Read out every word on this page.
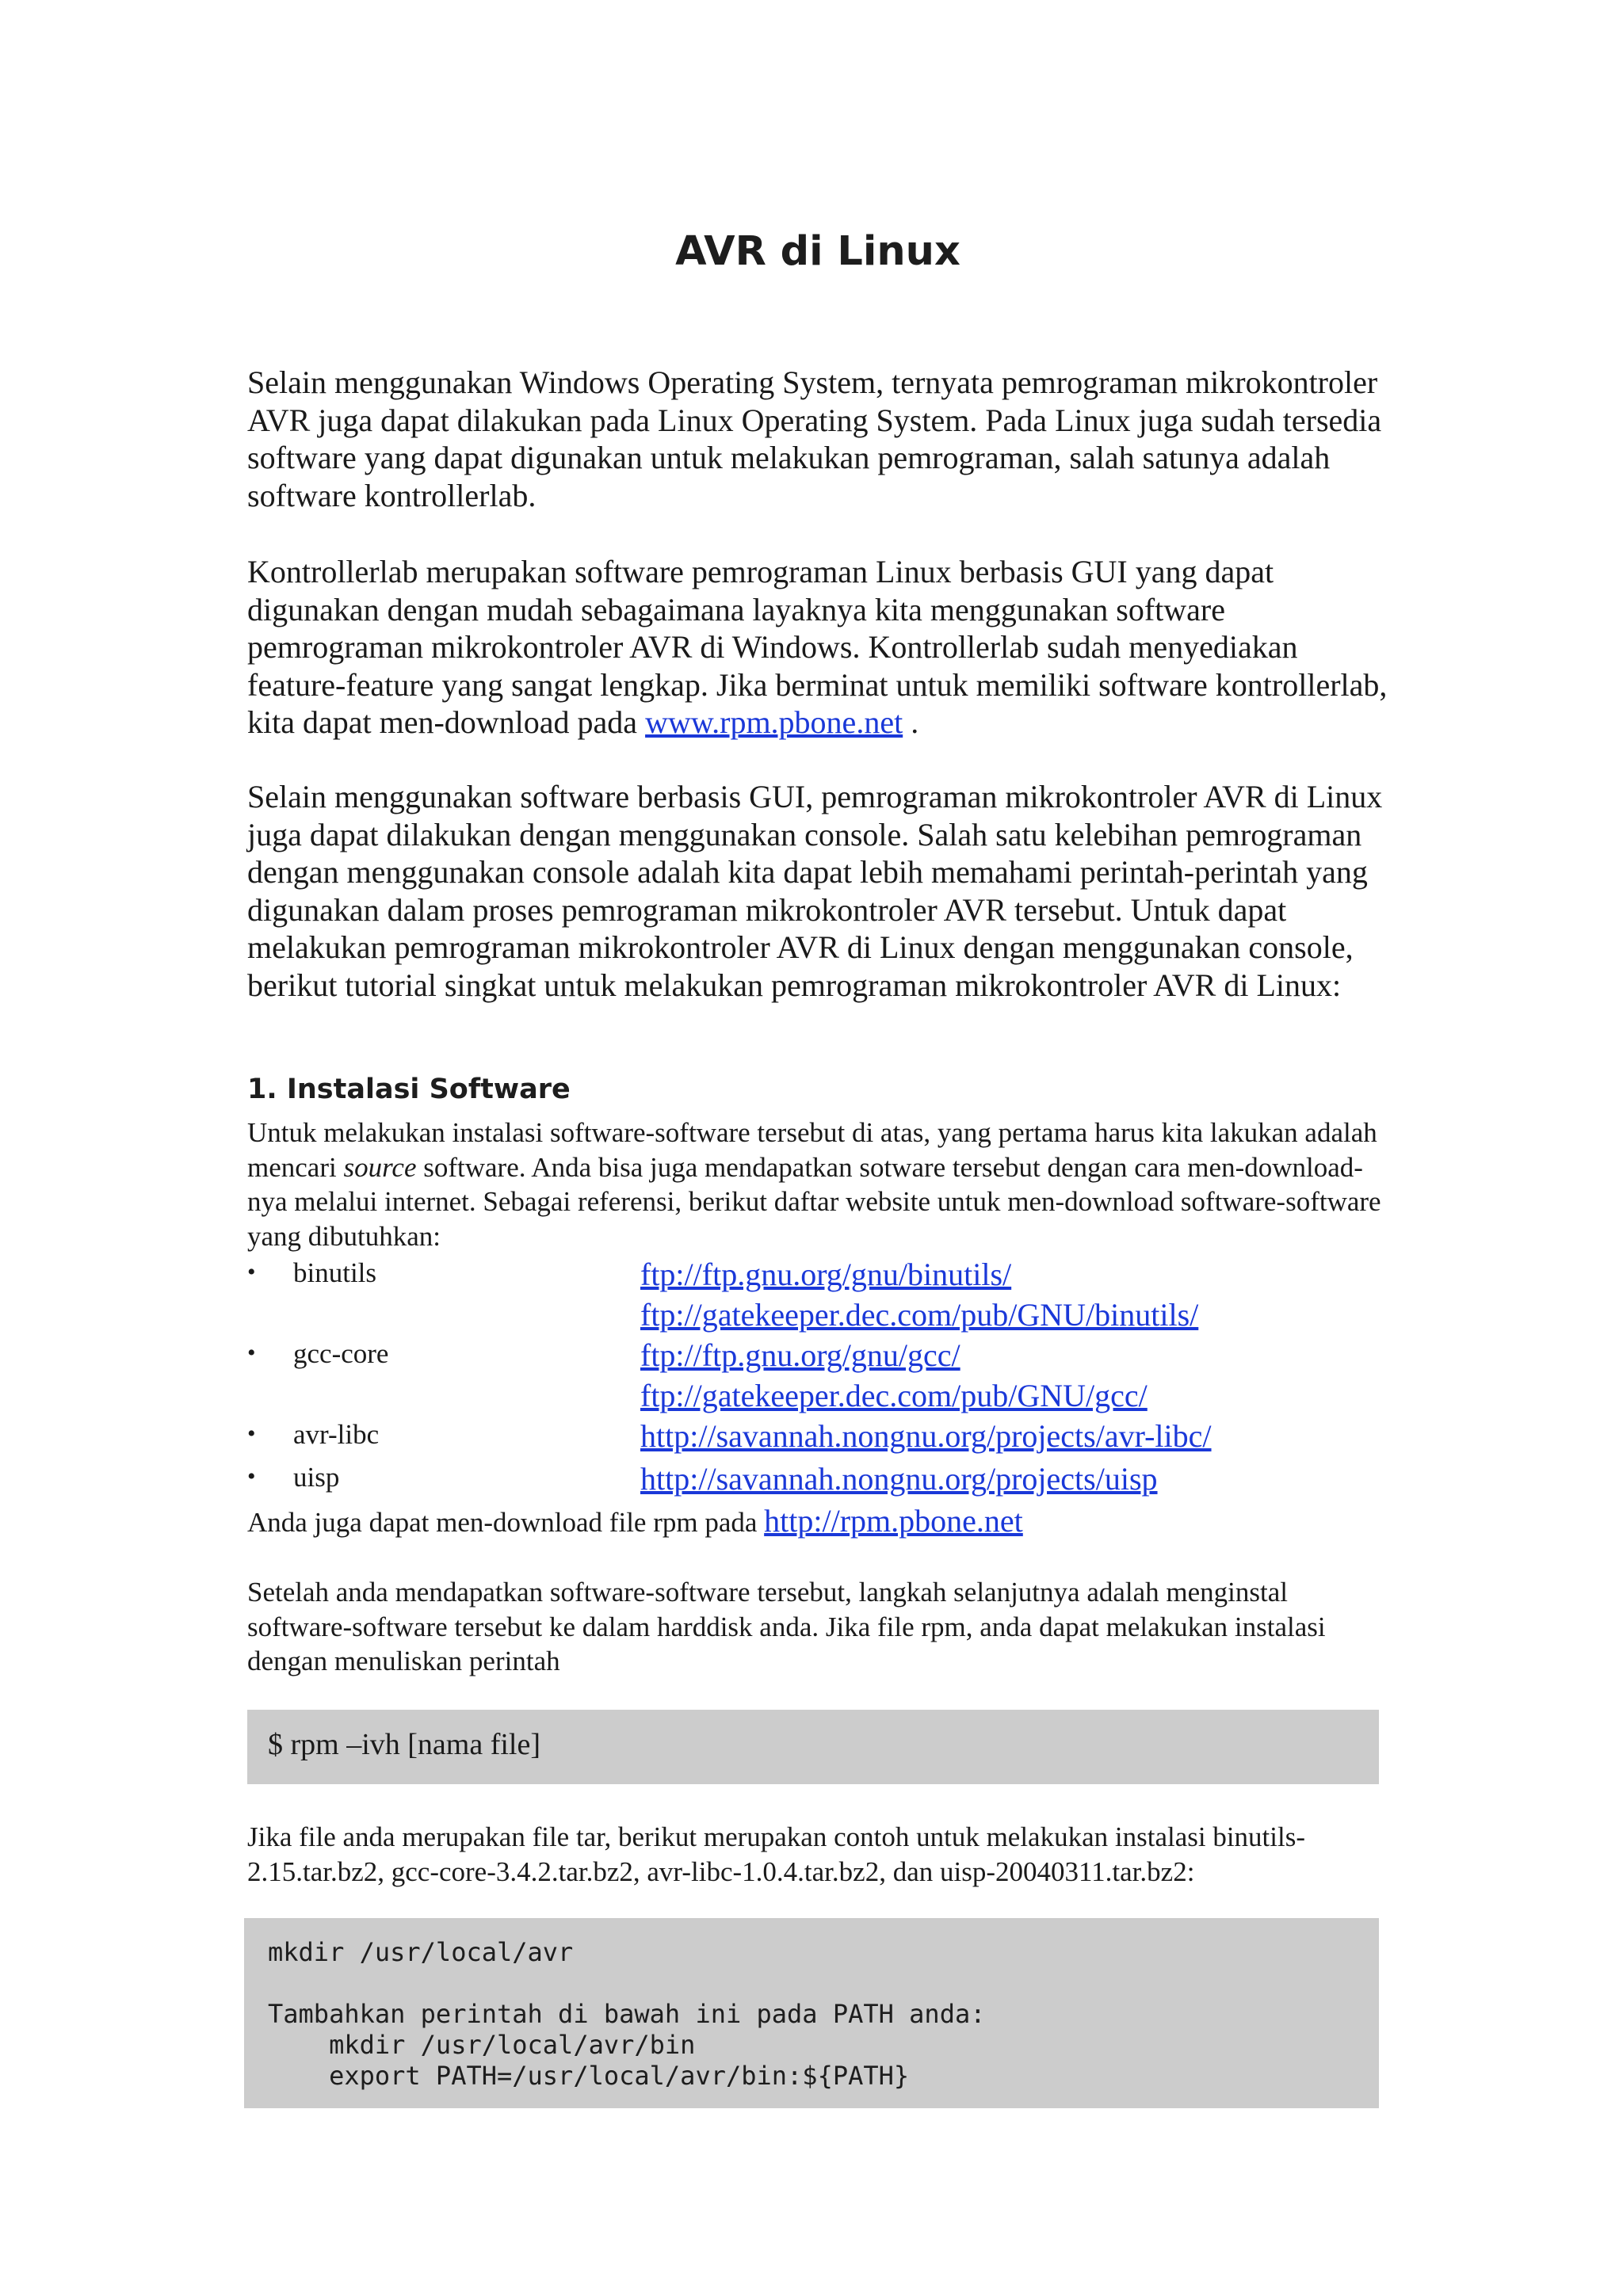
AVR di Linux

Selain menggunakan Windows Operating System, ternyata pemrograman mikrokontroler AVR juga dapat dilakukan pada Linux Operating System. Pada Linux juga sudah tersedia software yang dapat digunakan untuk melakukan pemrograman, salah satunya adalah software kontrollerlab.

Kontrollerlab merupakan software pemrograman Linux berbasis GUI yang dapat digunakan dengan mudah sebagaimana layaknya kita menggunakan software pemrograman mikrokontroler AVR di Windows. Kontrollerlab sudah menyediakan feature-feature yang sangat lengkap. Jika berminat untuk memiliki software kontrollerlab, kita dapat men-download pada www.rpm.pbone.net .

Selain menggunakan software berbasis GUI, pemrograman mikrokontroler AVR di Linux juga dapat dilakukan dengan menggunakan console. Salah satu kelebihan pemrograman dengan menggunakan console adalah kita dapat lebih memahami perintah-perintah yang digunakan dalam proses pemrograman mikrokontroler AVR tersebut. Untuk dapat melakukan pemrograman mikrokontroler AVR di Linux dengan menggunakan console, berikut tutorial singkat untuk melakukan pemrograman mikrokontroler AVR di Linux:

1. Instalasi Software

Untuk melakukan instalasi software-software tersebut di atas, yang pertama harus kita lakukan adalah mencari source software. Anda bisa juga mendapatkan sotware tersebut dengan cara men-download-nya melalui internet. Sebagai referensi, berikut daftar website untuk men-download software-software yang dibutuhkan:

• binutils	ftp://ftp.gnu.org/gnu/binutils/
ftp://gatekeeper.dec.com/pub/GNU/binutils/
• gcc-core	ftp://ftp.gnu.org/gnu/gcc/
ftp://gatekeeper.dec.com/pub/GNU/gcc/
• avr-libc	http://savannah.nongnu.org/projects/avr-libc/
• uisp	http://savannah.nongnu.org/projects/uisp

Anda juga dapat men-download file rpm pada http://rpm.pbone.net

Setelah anda mendapatkan software-software tersebut, langkah selanjutnya adalah menginstal software-software tersebut ke dalam harddisk anda. Jika file rpm, anda dapat melakukan instalasi dengan menuliskan perintah

$ rpm –ivh [nama file]

Jika file anda merupakan file tar, berikut merupakan contoh untuk melakukan instalasi binutils-2.15.tar.bz2, gcc-core-3.4.2.tar.bz2, avr-libc-1.0.4.tar.bz2, dan uisp-20040311.tar.bz2:

mkdir /usr/local/avr
Tambahkan perintah di bawah ini pada PATH anda:
mkdir /usr/local/avr/bin
export PATH=/usr/local/avr/bin:${PATH}
